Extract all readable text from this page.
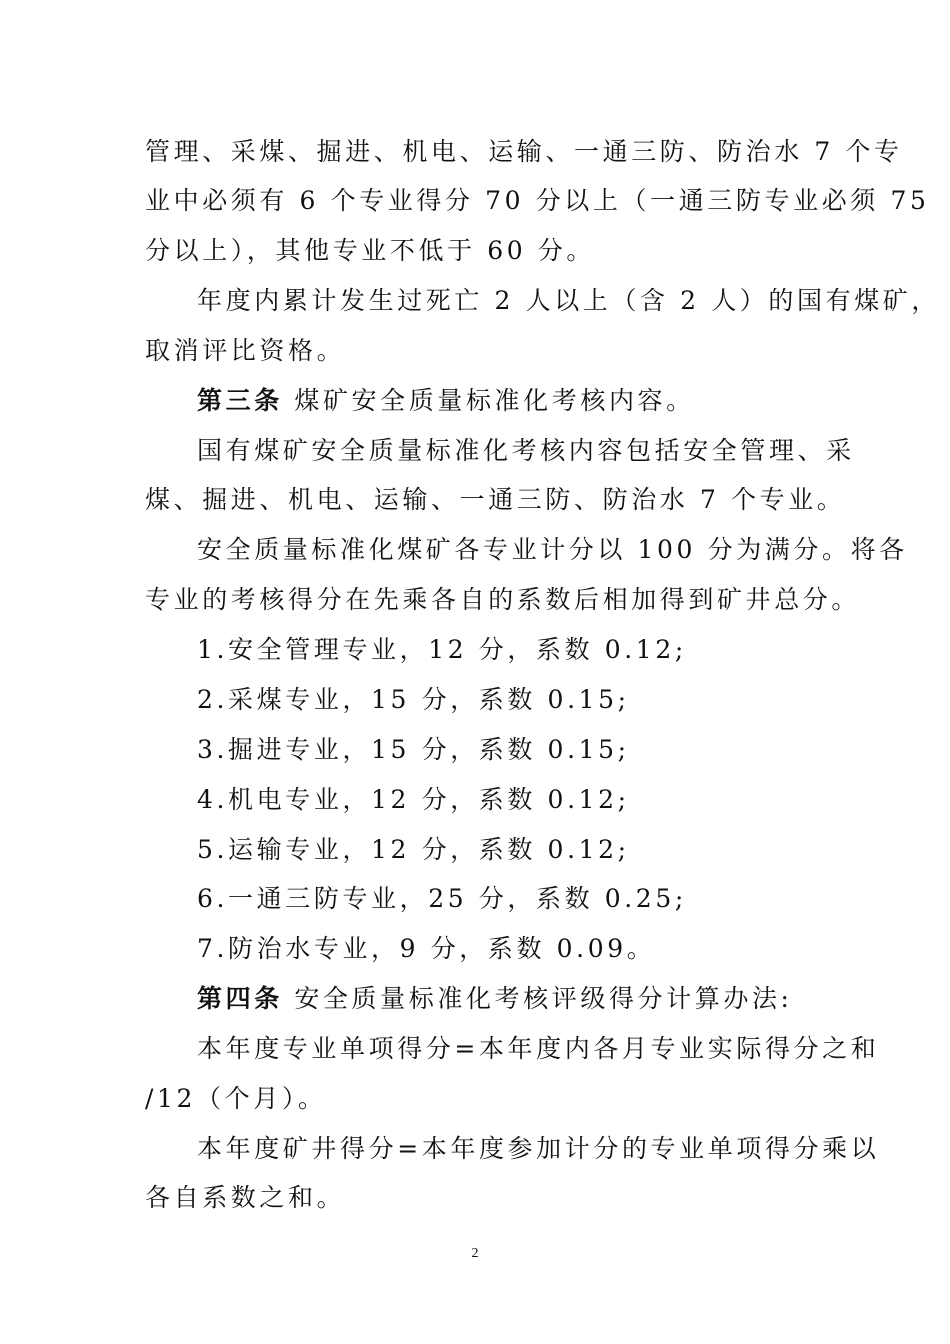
管理、采煤、掘进、机电、运输、一通三防、防治水 7 个专
业中必须有 6 个专业得分 70 分以上（一通三防专业必须 75
分以上），其他专业不低于 60 分。
年度内累计发生过死亡 2 人以上（含 2 人）的国有煤矿，
取消评比资格。
第三条 煤矿安全质量标准化考核内容。
国有煤矿安全质量标准化考核内容包括安全管理、采
煤、掘进、机电、运输、一通三防、防治水 7 个专业。
安全质量标准化煤矿各专业计分以 100 分为满分。将各
专业的考核得分在先乘各自的系数后相加得到矿井总分。
1.安全管理专业，12 分，系数 0.12;
2.采煤专业，15 分，系数 0.15;
3.掘进专业，15 分，系数 0.15;
4.机电专业，12 分，系数 0.12;
5.运输专业，12 分，系数 0.12;
6.一通三防专业，25 分，系数 0.25;
7.防治水专业，9 分，系数 0.09。
第四条 安全质量标准化考核评级得分计算办法:
本年度专业单项得分=本年度内各月专业实际得分之和
/12（个月）。
本年度矿井得分=本年度参加计分的专业单项得分乘以
各自系数之和。
2
